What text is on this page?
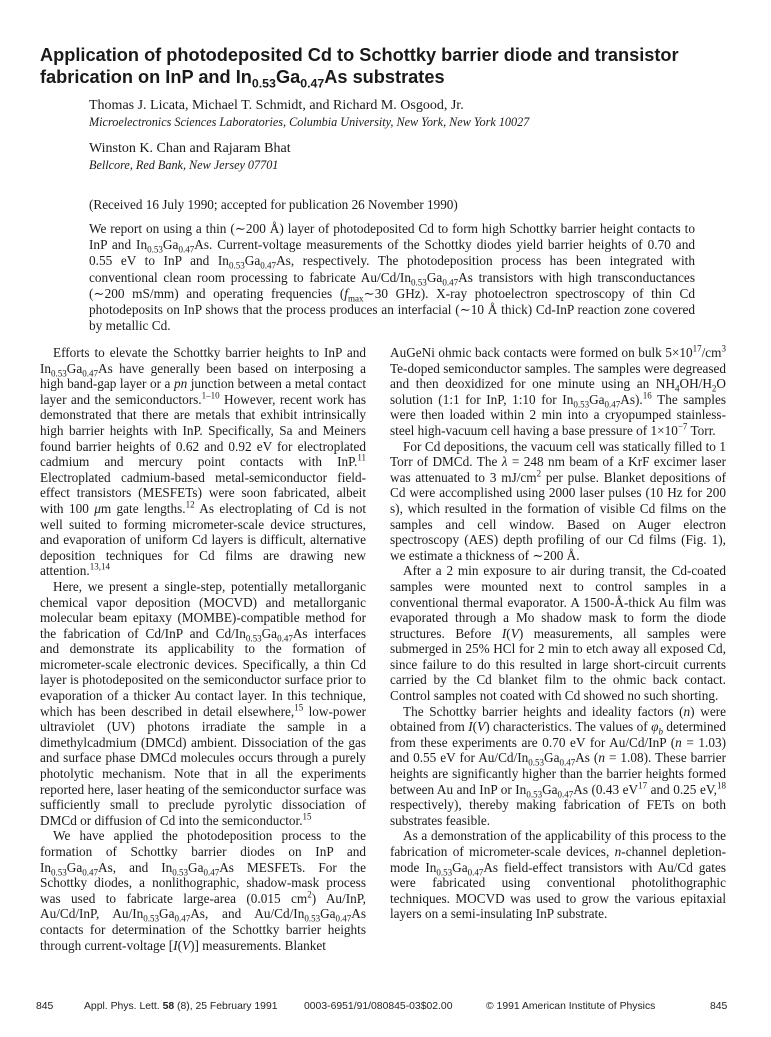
Application of photodeposited Cd to Schottky barrier diode and transistor fabrication on InP and $In_{0.53}Ga_{0.47}As$ substrates

Thomas J. Licata, Michael T. Schmidt, and Richard M. Osgood, Jr.

Microelectronics Sciences Laboratories, Columbia University, New York, New York 10027

Winston K. Chan and Rajaram Bhat

Bellcore, Red Bank, New Jersey 07701

(Received 16 July 1990; accepted for publication 26 November 1990)

We report on using a thin (∼200 Å) layer of photodeposited Cd to form high Schottky barrier height contacts to InP and $In_{0.53}Ga_{0.47}As$. Current-voltage measurements of the Schottky diodes yield barrier heights of 0.70 and 0.55 eV to InP and $In_{0.53}Ga_{0.47}As$, respectively. The photodeposition process has been integrated with conventional clean room processing to fabricate $Au/Cd/In_{0.53}Ga_{0.47}As$ transistors with high transconductances (∼200 mS/mm) and operating frequencies ($f_{max}\sim 30$ GHz). X-ray photoelectron spectroscopy of thin Cd photodeposits on InP shows that the process produces an interfacial (∼10 Å thick) Cd-InP reaction zone covered by metallic Cd.

Efforts to elevate the Schottky barrier heights to InP and $In_{0.53}Ga_{0.47}As$ have generally been based on interposing a high band-gap layer or a pn junction between a metal contact layer and the semiconductors.$^{1-10}$ However, recent work has demonstrated that there are metals that exhibit intrinsically high barrier heights with InP. Specifically, Sa and Meiners found barrier heights of 0.62 and 0.92 eV for electroplated cadmium and mercury point contacts with InP.$^{11}$ Electroplated cadmium-based metal-semiconductor field-effect transistors (MESFETs) were soon fabricated, albeit with 100 μm gate lengths.$^{12}$ As electroplating of Cd is not well suited to forming micrometer-scale device structures, and evaporation of uniform Cd layers is difficult, alternative deposition techniques for Cd films are drawing new attention.$^{13,14}$

Here, we present a single-step, potentially metallorganic chemical vapor deposition (MOCVD) and metallorganic molecular beam epitaxy (MOMBE)-compatible method for the fabrication of Cd/InP and $Cd/In_{0.53}Ga_{0.47}As$ interfaces and demonstrate its applicability to the formation of micrometer-scale electronic devices. Specifically, a thin Cd layer is photodeposited on the semiconductor surface prior to evaporation of a thicker Au contact layer. In this technique, which has been described in detail elsewhere,$^{15}$ low-power ultraviolet (UV) photons irradiate the sample in a dimethylcadmium (DMCd) ambient. Dissociation of the gas and surface phase DMCd molecules occurs through a purely photolytic mechanism. Note that in all the experiments reported here, laser heating of the semiconductor surface was sufficiently small to preclude pyrolytic dissociation of DMCd or diffusion of Cd into the semiconductor.$^{15}$

We have applied the photodeposition process to the formation of Schottky barrier diodes on InP and $In_{0.53}Ga_{0.47}As$, and $In_{0.53}Ga_{0.47}As$ MESFETs. For the Schottky diodes, a nonlithographic, shadow-mask process was used to fabricate large-area (0.015 $cm^2$) Au/InP, Au/Cd/InP, $Au/In_{0.53}Ga_{0.47}As$, and $Au/Cd/In_{0.53}Ga_{0.47}As$ contacts for determination of the Schottky barrier heights through current-voltage [I(V)] measurements. Blanket

AuGeNi ohmic back contacts were formed on bulk $5\times 10^{17}/cm^3$ Te-doped semiconductor samples. The samples were degreased and then deoxidized for one minute using an $NH_4OH/H_2O$ solution (1:1 for InP, 1:10 for $In_{0.53}Ga_{0.47}As).^{16}$ The samples were then loaded within 2 min into a cryopumped stainless-steel high-vacuum cell having a base pressure of $1\times 10^{-7}$ Torr.

For Cd depositions, the vacuum cell was statically filled to 1 Torr of DMCd. The λ = 248 nm beam of a KrF excimer laser was attenuated to 3 $mJ/cm^2$ per pulse. Blanket depositions of Cd were accomplished using 2000 laser pulses (10 Hz for 200 s), which resulted in the formation of visible Cd films on the samples and cell window. Based on Auger electron spectroscopy (AES) depth profiling of our Cd films (Fig. 1), we estimate a thickness of ∼200 Å.

After a 2 min exposure to air during transit, the Cd-coated samples were mounted next to control samples in a conventional thermal evaporator. A 1500-Å-thick Au film was evaporated through a Mo shadow mask to form the diode structures. Before I(V) measurements, all samples were submerged in 25% HCl for 2 min to etch away all exposed Cd, since failure to do this resulted in large short-circuit currents carried by the Cd blanket film to the ohmic back contact. Control samples not coated with Cd showed no such shorting.

The Schottky barrier heights and ideality factors (n) were obtained from I(V) characteristics. The values of $\varphi_b$ determined from these experiments are 0.70 eV for Au/Cd/InP (n = 1.03) and 0.55 eV for $Au/Cd/In_{0.53}Ga_{0.47}As$ (n = 1.08). These barrier heights are significantly higher than the barrier heights formed between Au and InP or $In_{0.53}Ga_{0.47}As$ (0.43 $eV^{17}$ and 0.25 eV,$^{18}$ respectively), thereby making fabrication of FETs on both substrates feasible.

As a demonstration of the applicability of this process to the fabrication of micrometer-scale devices, n-channel depletion-mode $In_{0.53}Ga_{0.47}As$ field-effect transistors with Au/Cd gates were fabricated using conventional photolithographic techniques. MOCVD was used to grow the various epitaxial layers on a semi-insulating InP substrate.

845	Appl. Phys. Lett. 58 (8), 25 February 1991	0003-6951/91/080845-03$02.00	© 1991 American Institute of Physics	845
